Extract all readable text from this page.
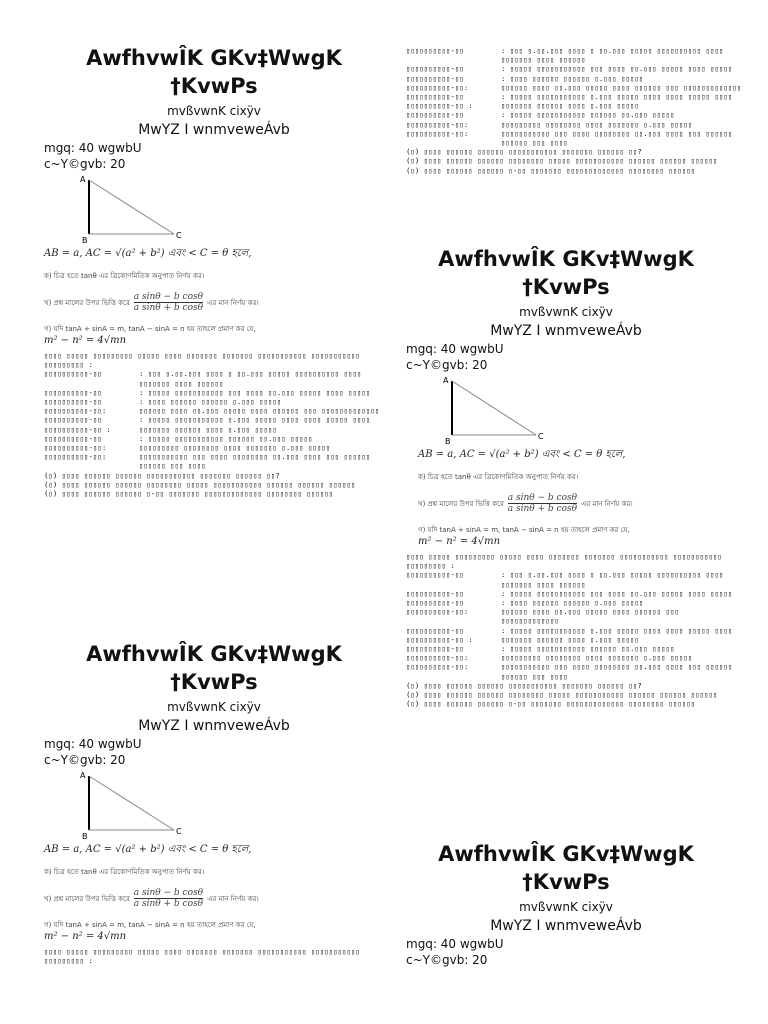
AwfhvwÎK GKv‡WwgK
†KvwPs
mvßvwnK cixÿv
MwYZ I wnmveweÁvb
mgq: 40 wgwbU
c~Y©gvb: 20
A
B
C
AB = a, AC = √(a² + b²) এবং < C = θ হলে,
ক) চিত্র হতে tanθ এর ত্রিকোণমিতিক অনুপাত নির্ণয় কর।
খ) প্রশ্ন মালের উপর ভিত্তি করে $\frac{\text{a sinθ − b cosθ}}{\text{a sinθ + b cosθ}}$ এর মান নির্ণয় কর।
গ) যদি tanA + sinA = m, tanA − sinA = n হয় তাহলে প্রমাণ কর যে,
m² − n² = 4√mn

▯▯▯▯ ▯▯▯▯▯ ▯▯▯▯▯▯▯▯▯ ▯▯▯▯▯ ▯▯▯▯ ▯▯▯▯▯▯▯ ▯▯▯▯▯▯▯ ▯▯▯▯▯▯▯▯▯▯▯ ▯▯▯▯▯▯▯▯▯▯▯ ▯▯▯▯▯▯▯▯▯ :

▯▯▯▯▯▯▯▯▯▯-▯▯	: ▯▯▯ ▯.▯▯.▯▯▯ ▯▯▯▯ ▯ ▯▯.▯▯▯ ▯▯▯▯▯ ▯▯▯▯▯▯▯▯▯▯ ▯▯▯▯ ▯▯▯▯▯▯▯ ▯▯▯▯ ▯▯▯▯▯▯
▯▯▯▯▯▯▯▯▯▯-▯▯	: ▯▯▯▯▯ ▯▯▯▯▯▯▯▯▯▯▯ ▯▯▯ ▯▯▯▯ ▯▯.▯▯▯ ▯▯▯▯▯ ▯▯▯▯ ▯▯▯▯▯
▯▯▯▯▯▯▯▯▯▯-▯▯	: ▯▯▯▯ ▯▯▯▯▯▯ ▯▯▯▯▯▯ ▯.▯▯▯ ▯▯▯▯▯
▯▯▯▯▯▯▯▯▯▯-▯▯:	▯▯▯▯▯▯ ▯▯▯▯ ▯▯.▯▯▯ ▯▯▯▯▯ ▯▯▯▯ ▯▯▯▯▯▯ ▯▯▯ ▯▯▯▯▯▯▯▯▯▯▯▯▯
▯▯▯▯▯▯▯▯▯▯-▯▯	: ▯▯▯▯▯ ▯▯▯▯▯▯▯▯▯▯▯ ▯.▯▯▯ ▯▯▯▯▯ ▯▯▯▯ ▯▯▯▯ ▯▯▯▯▯ ▯▯▯▯
▯▯▯▯▯▯▯▯▯▯-▯▯ :	▯▯▯▯▯▯▯ ▯▯▯▯▯▯ ▯▯▯▯ ▯.▯▯▯ ▯▯▯▯▯
▯▯▯▯▯▯▯▯▯▯-▯▯	: ▯▯▯▯▯ ▯▯▯▯▯▯▯▯▯▯▯ ▯▯▯▯▯▯ ▯▯.▯▯▯ ▯▯▯▯▯
▯▯▯▯▯▯▯▯▯▯-▯▯:	▯▯▯▯▯▯▯▯▯ ▯▯▯▯▯▯▯▯ ▯▯▯▯ ▯▯▯▯▯▯▯ ▯.▯▯▯ ▯▯▯▯▯
▯▯▯▯▯▯▯▯▯▯-▯▯:	▯▯▯▯▯▯▯▯▯▯▯ ▯▯▯ ▯▯▯▯ ▯▯▯▯▯▯▯▯ ▯▯.▯▯▯ ▯▯▯▯ ▯▯▯ ▯▯▯▯▯▯ ▯▯▯▯▯▯ ▯▯▯ ▯▯▯▯

(▯) ▯▯▯▯ ▯▯▯▯▯▯ ▯▯▯▯▯▯ ▯▯▯▯▯▯▯▯▯▯▯ ▯▯▯▯▯▯▯ ▯▯▯▯▯▯ ▯▯?

(▯) ▯▯▯▯ ▯▯▯▯▯▯ ▯▯▯▯▯▯ ▯▯▯▯▯▯▯▯ ▯▯▯▯▯ ▯▯▯▯▯▯▯▯▯▯▯ ▯▯▯▯▯▯ ▯▯▯▯▯▯ ▯▯▯▯▯▯

(▯) ▯▯▯▯ ▯▯▯▯▯▯ ▯▯▯▯▯▯ ▯-▯▯ ▯▯▯▯▯▯▯ ▯▯▯▯▯▯▯▯▯▯▯▯▯ ▯▯▯▯▯▯▯▯ ▯▯▯▯▯▯

▯▯▯▯▯▯▯▯▯▯-▯▯	: ▯▯▯ ▯.▯▯.▯▯▯ ▯▯▯▯ ▯ ▯▯.▯▯▯ ▯▯▯▯▯ ▯▯▯▯▯▯▯▯▯▯ ▯▯▯▯ ▯▯▯▯▯▯▯ ▯▯▯▯ ▯▯▯▯▯▯
▯▯▯▯▯▯▯▯▯▯-▯▯	: ▯▯▯▯▯ ▯▯▯▯▯▯▯▯▯▯▯ ▯▯▯ ▯▯▯▯ ▯▯.▯▯▯ ▯▯▯▯▯ ▯▯▯▯ ▯▯▯▯▯
▯▯▯▯▯▯▯▯▯▯-▯▯	: ▯▯▯▯ ▯▯▯▯▯▯ ▯▯▯▯▯▯ ▯.▯▯▯ ▯▯▯▯▯
▯▯▯▯▯▯▯▯▯▯-▯▯:	▯▯▯▯▯▯ ▯▯▯▯ ▯▯.▯▯▯ ▯▯▯▯▯ ▯▯▯▯ ▯▯▯▯▯▯ ▯▯▯ ▯▯▯▯▯▯▯▯▯▯▯▯▯
▯▯▯▯▯▯▯▯▯▯-▯▯	: ▯▯▯▯▯ ▯▯▯▯▯▯▯▯▯▯▯ ▯.▯▯▯ ▯▯▯▯▯ ▯▯▯▯ ▯▯▯▯ ▯▯▯▯▯ ▯▯▯▯
▯▯▯▯▯▯▯▯▯▯-▯▯ :	▯▯▯▯▯▯▯ ▯▯▯▯▯▯ ▯▯▯▯ ▯.▯▯▯ ▯▯▯▯▯
▯▯▯▯▯▯▯▯▯▯-▯▯	: ▯▯▯▯▯ ▯▯▯▯▯▯▯▯▯▯▯ ▯▯▯▯▯▯ ▯▯.▯▯▯ ▯▯▯▯▯
▯▯▯▯▯▯▯▯▯▯-▯▯:	▯▯▯▯▯▯▯▯▯ ▯▯▯▯▯▯▯▯ ▯▯▯▯ ▯▯▯▯▯▯▯ ▯.▯▯▯ ▯▯▯▯▯
▯▯▯▯▯▯▯▯▯▯-▯▯:	▯▯▯▯▯▯▯▯▯▯▯ ▯▯▯ ▯▯▯▯ ▯▯▯▯▯▯▯▯ ▯▯.▯▯▯ ▯▯▯▯ ▯▯▯ ▯▯▯▯▯▯ ▯▯▯▯▯▯ ▯▯▯ ▯▯▯▯

(▯) ▯▯▯▯ ▯▯▯▯▯▯ ▯▯▯▯▯▯ ▯▯▯▯▯▯▯▯▯▯▯ ▯▯▯▯▯▯▯ ▯▯▯▯▯▯ ▯▯?

(▯) ▯▯▯▯ ▯▯▯▯▯▯ ▯▯▯▯▯▯ ▯▯▯▯▯▯▯▯ ▯▯▯▯▯ ▯▯▯▯▯▯▯▯▯▯▯ ▯▯▯▯▯▯ ▯▯▯▯▯▯ ▯▯▯▯▯▯

(▯) ▯▯▯▯ ▯▯▯▯▯▯ ▯▯▯▯▯▯ ▯-▯▯ ▯▯▯▯▯▯▯ ▯▯▯▯▯▯▯▯▯▯▯▯▯ ▯▯▯▯▯▯▯▯ ▯▯▯▯▯▯

AwfhvwÎK GKv‡WwgK
†KvwPs
mvßvwnK cixÿv
MwYZ I wnmveweÁvb
mgq: 40 wgwbU
c~Y©gvb: 20
A
B
C
AB = a, AC = √(a² + b²) এবং < C = θ হলে,
ক) চিত্র হতে tanθ এর ত্রিকোণমিতিক অনুপাত নির্ণয় কর।
খ) প্রশ্ন মালের উপর ভিত্তি করে $\frac{\text{a sinθ − b cosθ}}{\text{a sinθ + b cosθ}}$ এর মান নির্ণয় কর।
গ) যদি tanA + sinA = m, tanA − sinA = n হয় তাহলে প্রমাণ কর যে,
m² − n² = 4√mn

▯▯▯▯ ▯▯▯▯▯ ▯▯▯▯▯▯▯▯▯ ▯▯▯▯▯ ▯▯▯▯ ▯▯▯▯▯▯▯ ▯▯▯▯▯▯▯ ▯▯▯▯▯▯▯▯▯▯▯ ▯▯▯▯▯▯▯▯▯▯▯ ▯▯▯▯▯▯▯▯▯ :

▯▯▯▯▯▯▯▯▯▯-▯▯	: ▯▯▯ ▯.▯▯.▯▯▯ ▯▯▯▯ ▯ ▯▯.▯▯▯ ▯▯▯▯▯ ▯▯▯▯▯▯▯▯▯▯ ▯▯▯▯ ▯▯▯▯▯▯▯ ▯▯▯▯ ▯▯▯▯▯▯
▯▯▯▯▯▯▯▯▯▯-▯▯	: ▯▯▯▯▯ ▯▯▯▯▯▯▯▯▯▯▯ ▯▯▯ ▯▯▯▯ ▯▯.▯▯▯ ▯▯▯▯▯ ▯▯▯▯ ▯▯▯▯▯
▯▯▯▯▯▯▯▯▯▯-▯▯	: ▯▯▯▯ ▯▯▯▯▯▯ ▯▯▯▯▯▯ ▯.▯▯▯ ▯▯▯▯▯
▯▯▯▯▯▯▯▯▯▯-▯▯:	▯▯▯▯▯▯ ▯▯▯▯ ▯▯.▯▯▯ ▯▯▯▯▯ ▯▯▯▯ ▯▯▯▯▯▯ ▯▯▯ ▯▯▯▯▯▯▯▯▯▯▯▯▯
▯▯▯▯▯▯▯▯▯▯-▯▯	: ▯▯▯▯▯ ▯▯▯▯▯▯▯▯▯▯▯ ▯.▯▯▯ ▯▯▯▯▯ ▯▯▯▯ ▯▯▯▯ ▯▯▯▯▯ ▯▯▯▯
▯▯▯▯▯▯▯▯▯▯-▯▯ :	▯▯▯▯▯▯▯ ▯▯▯▯▯▯ ▯▯▯▯ ▯.▯▯▯ ▯▯▯▯▯
▯▯▯▯▯▯▯▯▯▯-▯▯	: ▯▯▯▯▯ ▯▯▯▯▯▯▯▯▯▯▯ ▯▯▯▯▯▯ ▯▯.▯▯▯ ▯▯▯▯▯
▯▯▯▯▯▯▯▯▯▯-▯▯:	▯▯▯▯▯▯▯▯▯ ▯▯▯▯▯▯▯▯ ▯▯▯▯ ▯▯▯▯▯▯▯ ▯.▯▯▯ ▯▯▯▯▯
▯▯▯▯▯▯▯▯▯▯-▯▯:	▯▯▯▯▯▯▯▯▯▯▯ ▯▯▯ ▯▯▯▯ ▯▯▯▯▯▯▯▯ ▯▯.▯▯▯ ▯▯▯▯ ▯▯▯ ▯▯▯▯▯▯ ▯▯▯▯▯▯ ▯▯▯ ▯▯▯▯

(▯) ▯▯▯▯ ▯▯▯▯▯▯ ▯▯▯▯▯▯ ▯▯▯▯▯▯▯▯▯▯▯ ▯▯▯▯▯▯▯ ▯▯▯▯▯▯ ▯▯?

(▯) ▯▯▯▯ ▯▯▯▯▯▯ ▯▯▯▯▯▯ ▯▯▯▯▯▯▯▯ ▯▯▯▯▯ ▯▯▯▯▯▯▯▯▯▯▯ ▯▯▯▯▯▯ ▯▯▯▯▯▯ ▯▯▯▯▯▯

(▯) ▯▯▯▯ ▯▯▯▯▯▯ ▯▯▯▯▯▯ ▯-▯▯ ▯▯▯▯▯▯▯ ▯▯▯▯▯▯▯▯▯▯▯▯▯ ▯▯▯▯▯▯▯▯ ▯▯▯▯▯▯

AwfhvwÎK GKv‡WwgK
†KvwPs
mvßvwnK cixÿv
MwYZ I wnmveweÁvb
mgq: 40 wgwbU
c~Y©gvb: 20
A
B
C
AB = a, AC = √(a² + b²) এবং < C = θ হলে,
ক) চিত্র হতে tanθ এর ত্রিকোণমিতিক অনুপাত নির্ণয় কর।
খ) প্রশ্ন মালের উপর ভিত্তি করে $\frac{\text{a sinθ − b cosθ}}{\text{a sinθ + b cosθ}}$ এর মান নির্ণয় কর।
গ) যদি tanA + sinA = m, tanA − sinA = n হয় তাহলে প্রমাণ কর যে,
m² − n² = 4√mn

▯▯▯▯ ▯▯▯▯▯ ▯▯▯▯▯▯▯▯▯ ▯▯▯▯▯ ▯▯▯▯ ▯▯▯▯▯▯▯ ▯▯▯▯▯▯▯ ▯▯▯▯▯▯▯▯▯▯▯ ▯▯▯▯▯▯▯▯▯▯▯ ▯▯▯▯▯▯▯▯▯ :

AwfhvwÎK GKv‡WwgK
†KvwPs
mvßvwnK cixÿv
MwYZ I wnmveweÁvb
mgq: 40 wgwbU
c~Y©gvb: 20
